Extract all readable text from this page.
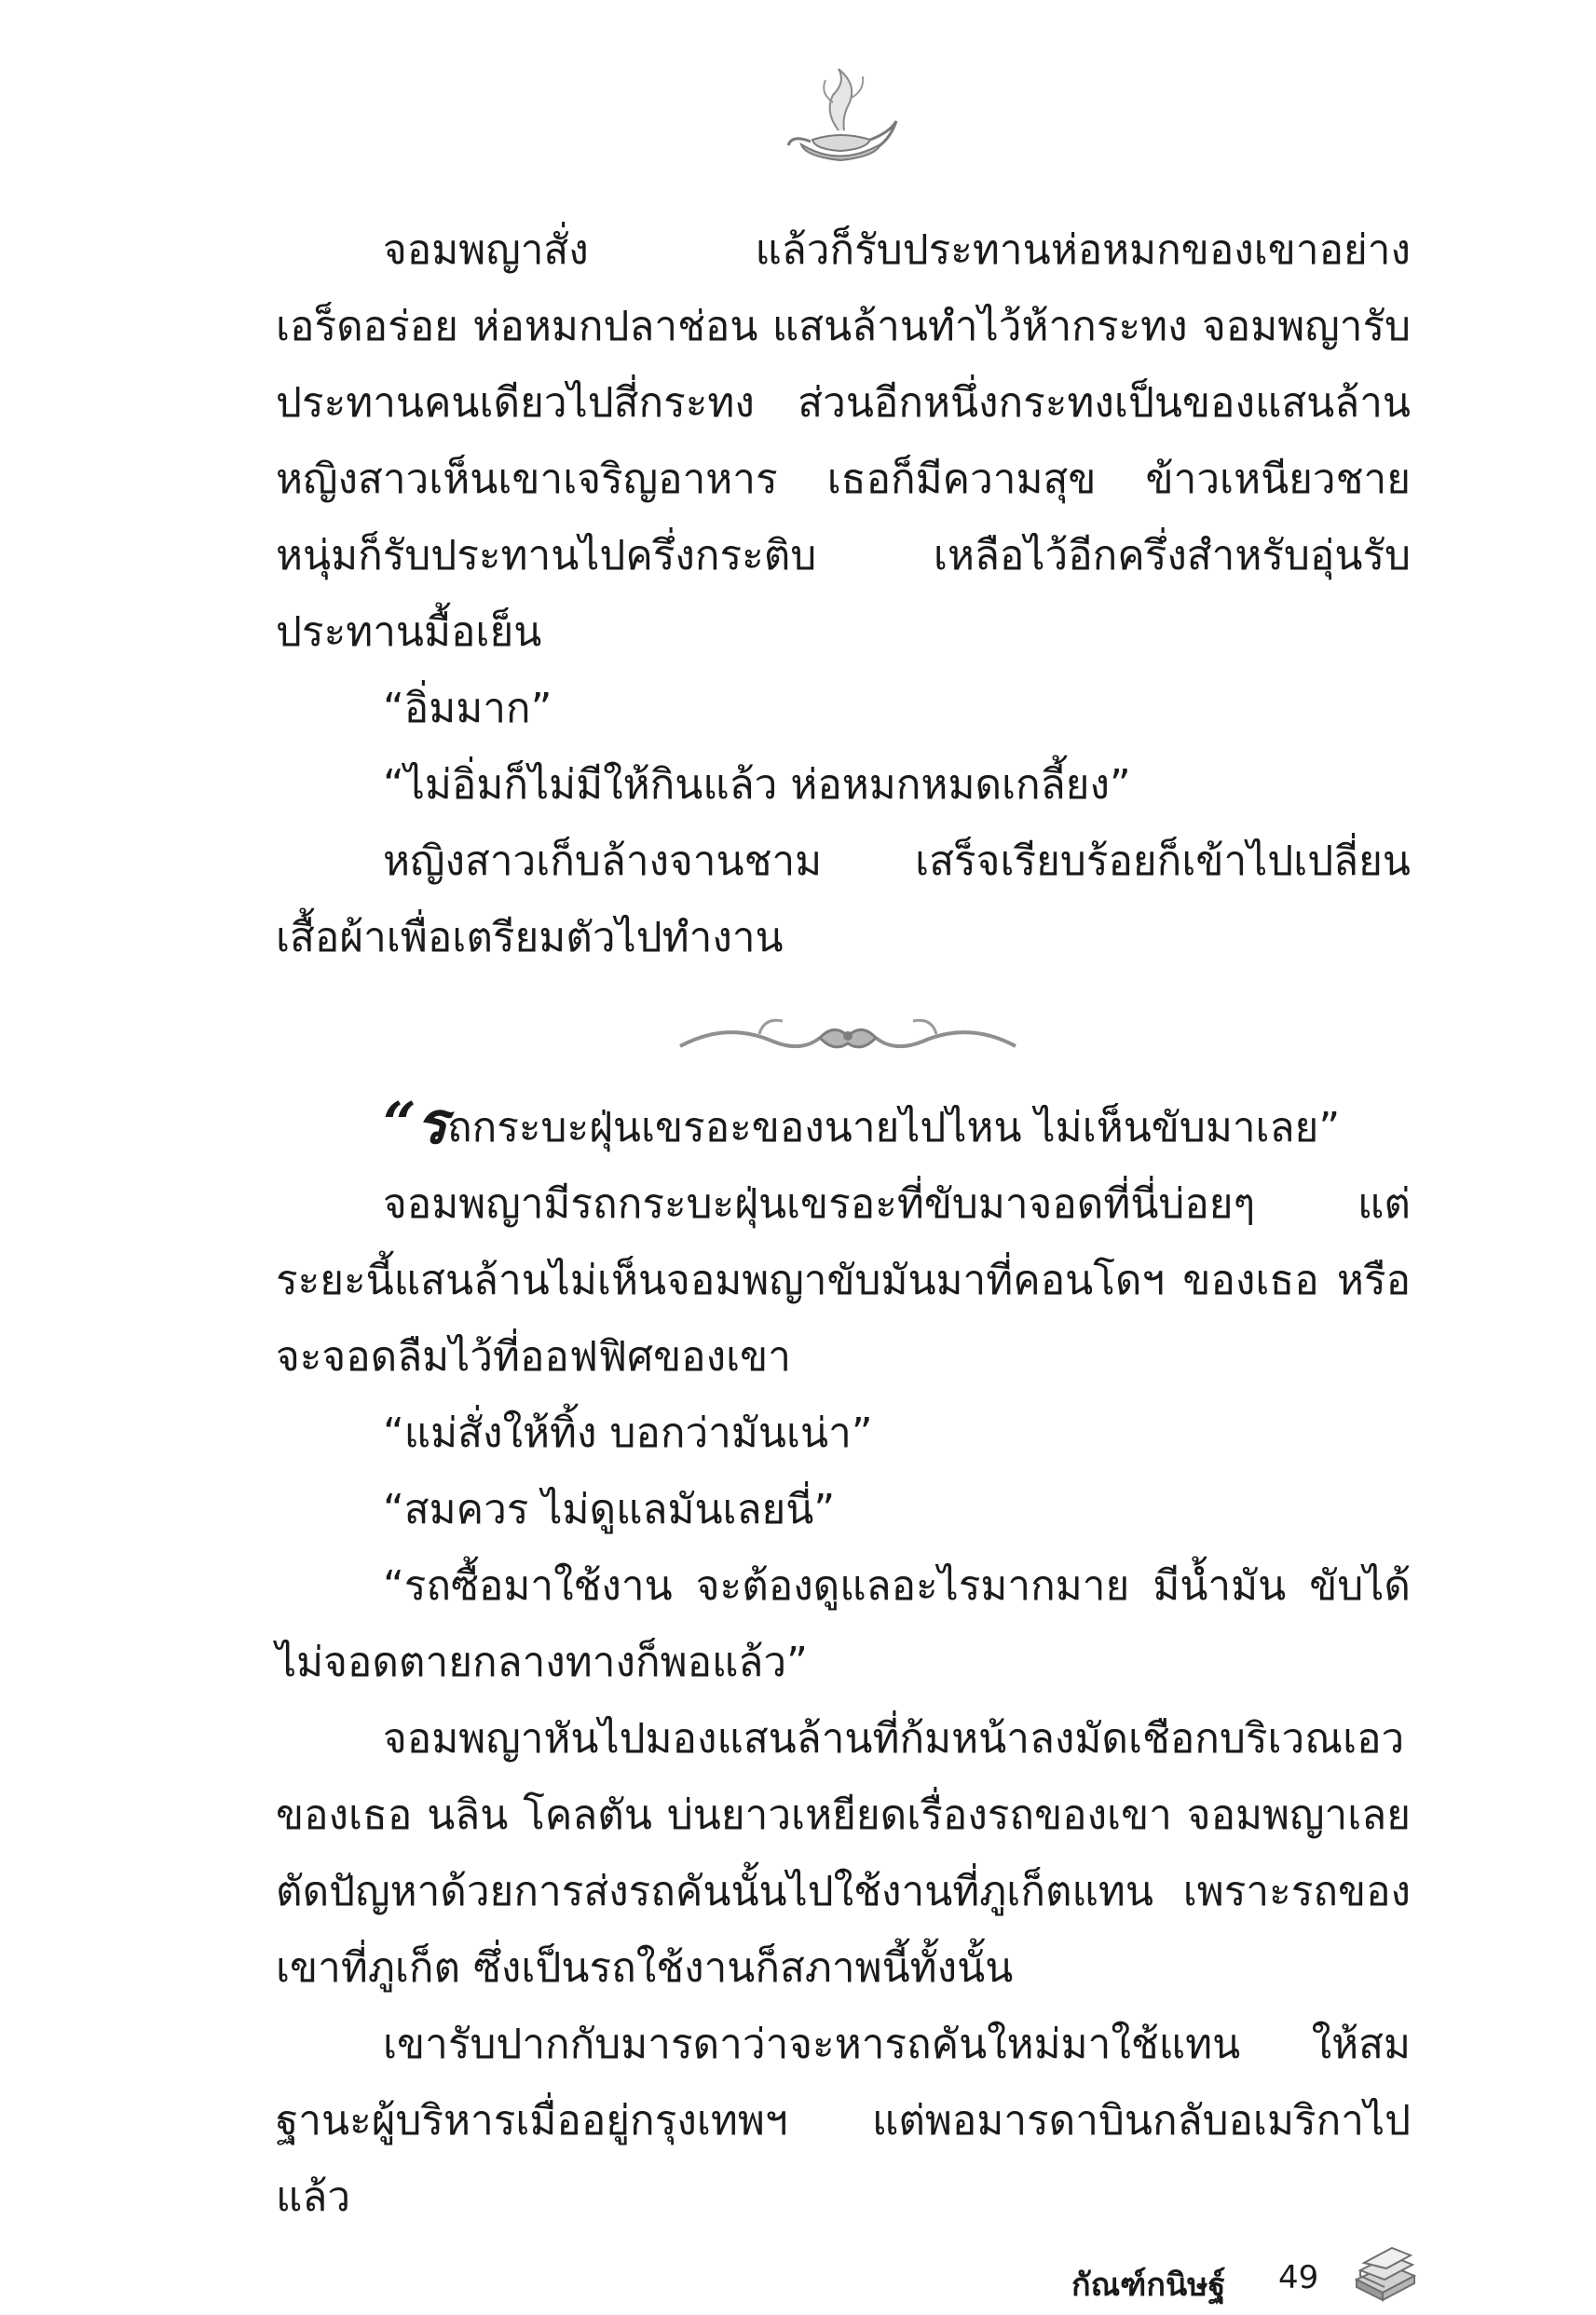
จอมพญาสั่ง แล้วก็รับประทานห่อหมกของเขาอย่างเอร็ดอร่อย ห่อหมกปลาช่อน แสนล้านทำไว้ห้ากระทง จอมพญารับประทานคนเดียวไปสี่กระทง ส่วนอีกหนึ่งกระทงเป็นของแสนล้าน หญิงสาวเห็นเขาเจริญอาหาร เธอก็มีความสุข ข้าวเหนียวชายหนุ่มก็รับประทานไปครึ่งกระติบ เหลือไว้อีกครึ่งสำหรับอุ่นรับประทานมื้อเย็น

“อิ่มมาก”

“ไม่อิ่มก็ไม่มีให้กินแล้ว ห่อหมกหมดเกลี้ยง”

หญิงสาวเก็บล้างจานชาม เสร็จเรียบร้อยก็เข้าไปเปลี่ยนเสื้อผ้าเพื่อเตรียมตัวไปทำงาน

“รถกระบะฝุ่นเขรอะของนายไปไหน ไม่เห็นขับมาเลย”

จอมพญามีรถกระบะฝุ่นเขรอะที่ขับมาจอดที่นี่บ่อยๆ แต่ระยะนี้แสนล้านไม่เห็นจอมพญาขับมันมาที่คอนโดฯ ของเธอ หรือจะจอดลืมไว้ที่ออฟฟิศของเขา

“แม่สั่งให้ทิ้ง บอกว่ามันเน่า”

“สมควร ไม่ดูแลมันเลยนี่”

“รถซื้อมาใช้งาน จะต้องดูแลอะไรมากมาย มีน้ำมัน ขับได้ ไม่จอดตายกลางทางก็พอแล้ว”

จอมพญาหันไปมองแสนล้านที่ก้มหน้าลงมัดเชือกบริเวณเอวของเธอ นลิน โคลตัน บ่นยาวเหยียดเรื่องรถของเขา จอมพญาเลยตัดปัญหาด้วยการส่งรถคันนั้นไปใช้งานที่ภูเก็ตแทน เพราะรถของเขาที่ภูเก็ต ซึ่งเป็นรถใช้งานก็สภาพนี้ทั้งนั้น

เขารับปากกับมารดาว่าจะหารถคันใหม่มาใช้แทน ให้สมฐานะผู้บริหารเมื่ออยู่กรุงเทพฯ แต่พอมารดาบินกลับอเมริกาไปแล้ว

กัณฑ์กนิษฐ์ 49
